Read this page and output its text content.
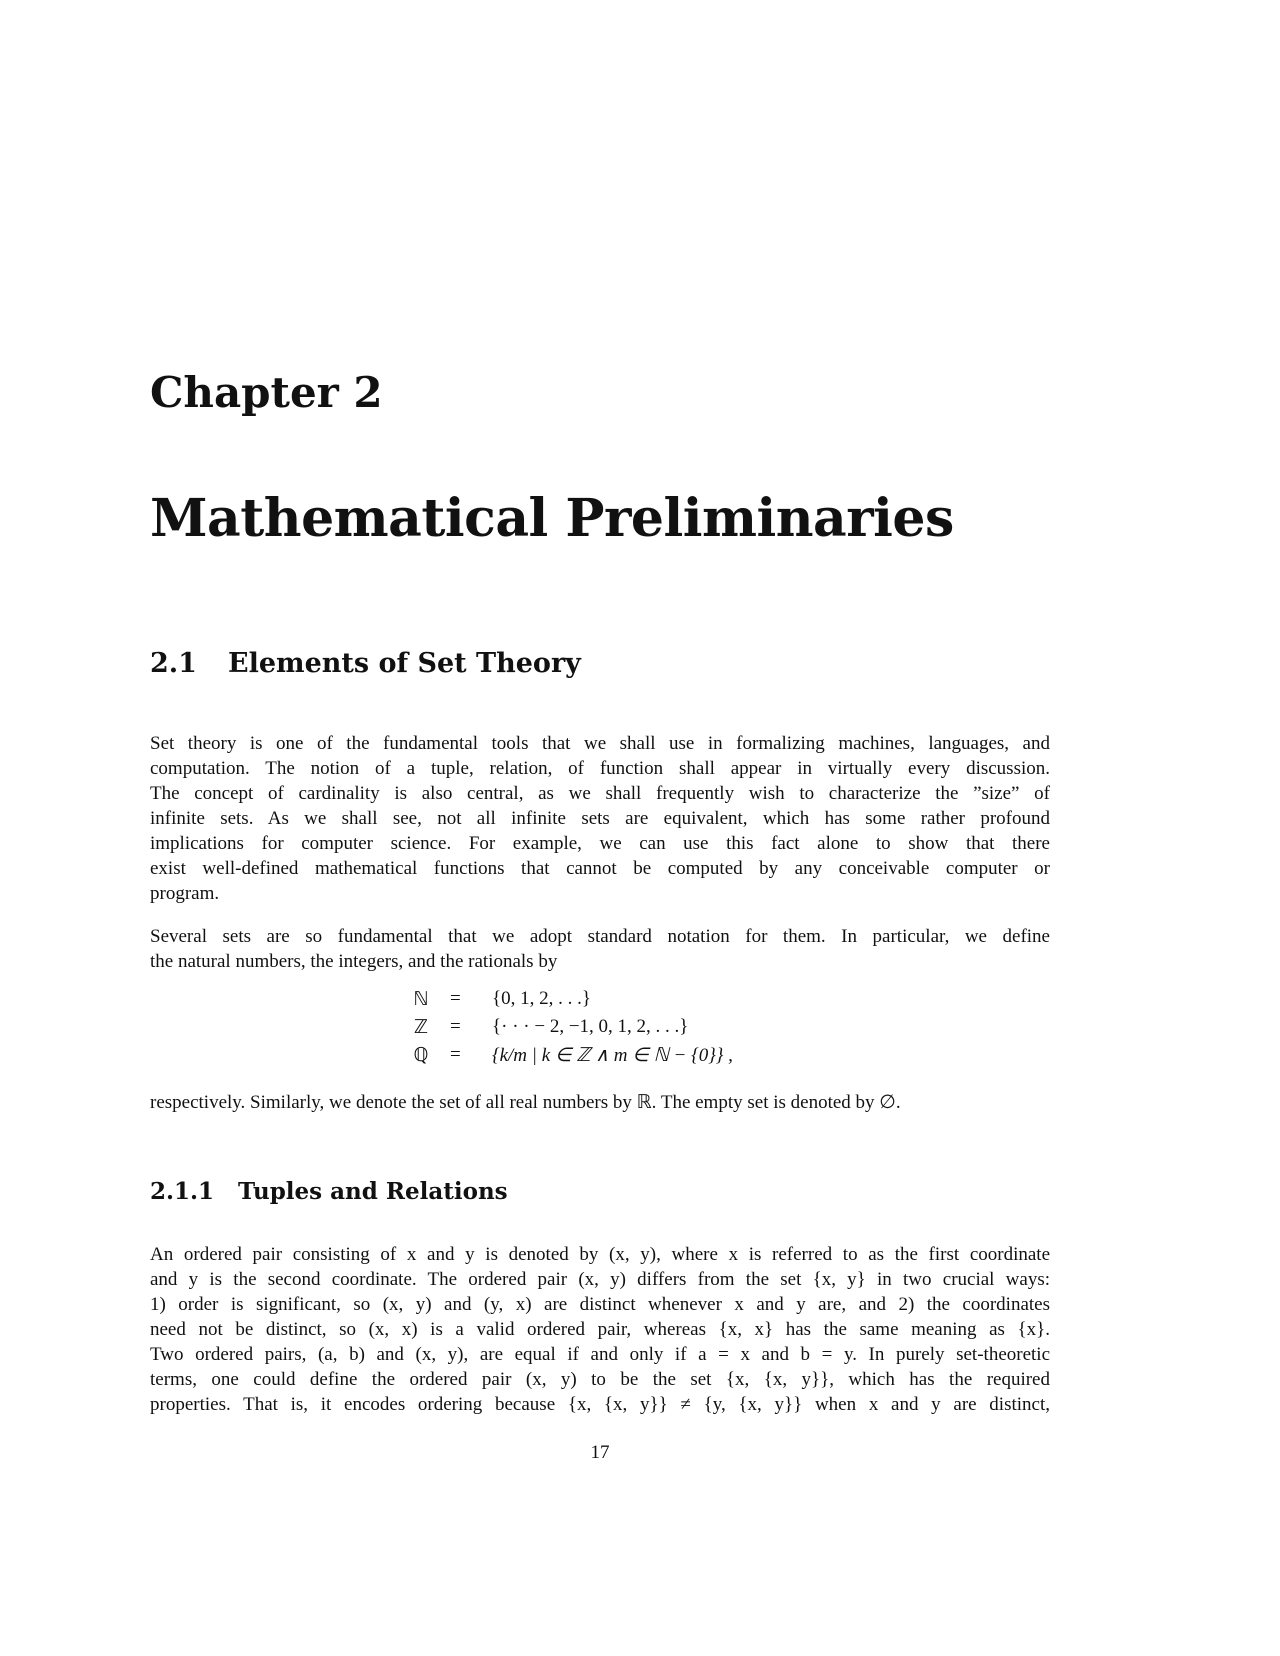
Chapter 2
Mathematical Preliminaries
2.1 Elements of Set Theory
Set theory is one of the fundamental tools that we shall use in formalizing machines, languages, and
computation. The notion of a tuple, relation, of function shall appear in virtually every discussion.
The concept of cardinality is also central, as we shall frequently wish to characterize the ”size” of
infinite sets. As we shall see, not all infinite sets are equivalent, which has some rather profound
implications for computer science. For example, we can use this fact alone to show that there
exist well-defined mathematical functions that cannot be computed by any conceivable computer or
program.
Several sets are so fundamental that we adopt standard notation for them. In particular, we define
the natural numbers, the integers, and the rationals by
ℕ = {0, 1, 2, . . .}
ℤ = {· · · − 2, −1, 0, 1, 2, . . .}
ℚ = {k/m | k ∈ ℤ ∧ m ∈ ℕ − {0}} ,
respectively. Similarly, we denote the set of all real numbers by ℝ. The empty set is denoted by ∅.
2.1.1 Tuples and Relations
An ordered pair consisting of x and y is denoted by (x, y), where x is referred to as the first coordinate
and y is the second coordinate. The ordered pair (x, y) differs from the set {x, y} in two crucial ways:
1) order is significant, so (x, y) and (y, x) are distinct whenever x and y are, and 2) the coordinates
need not be distinct, so (x, x) is a valid ordered pair, whereas {x, x} has the same meaning as {x}.
Two ordered pairs, (a, b) and (x, y), are equal if and only if a = x and b = y. In purely set-theoretic
terms, one could define the ordered pair (x, y) to be the set {x, {x, y}}, which has the required
properties. That is, it encodes ordering because {x, {x, y}} ≠ {y, {x, y}} when x and y are distinct,
17
